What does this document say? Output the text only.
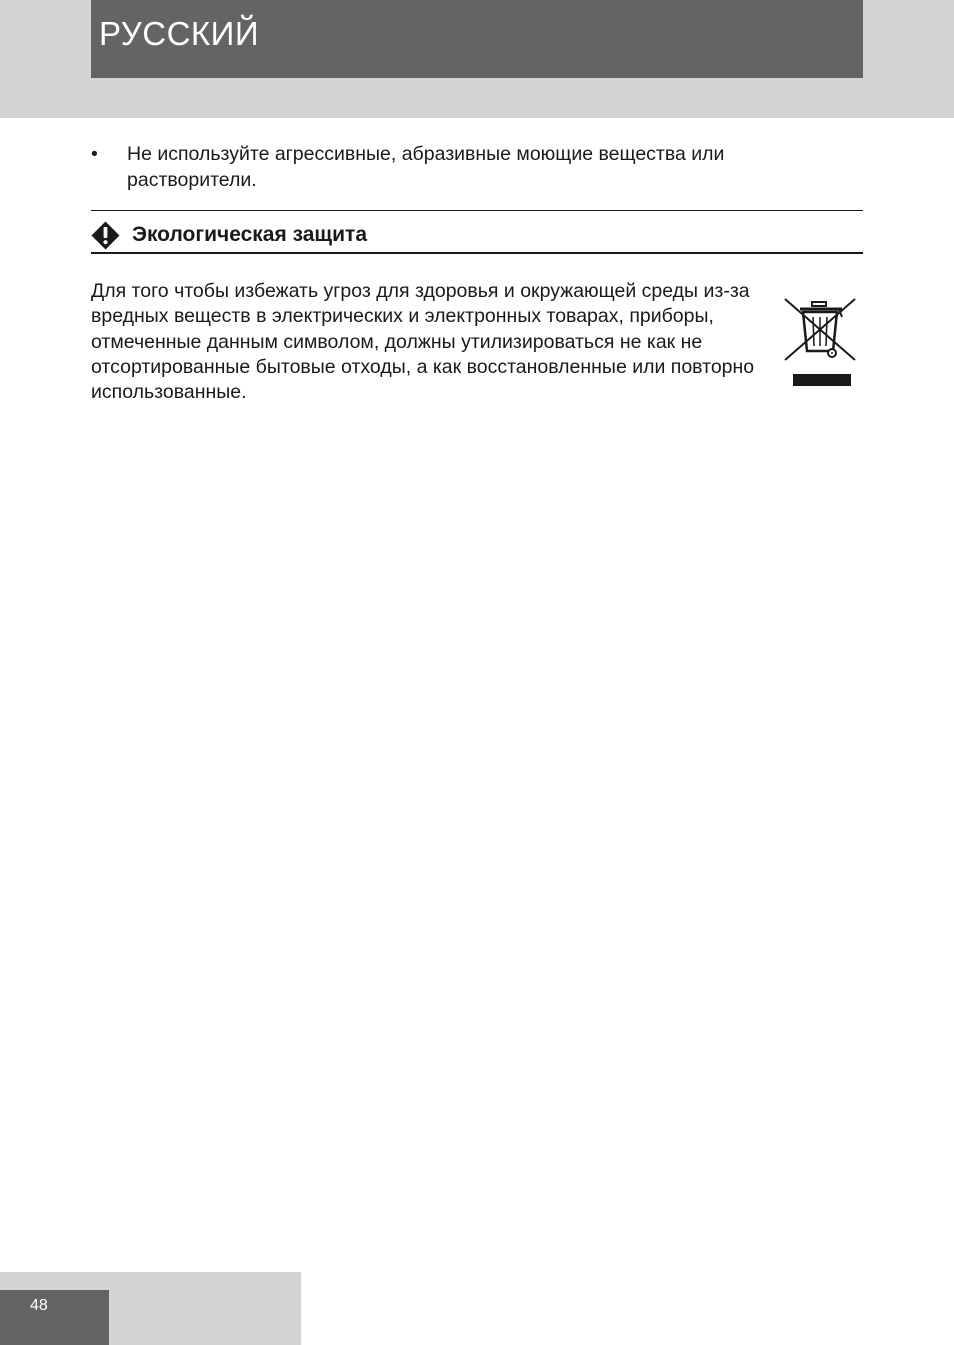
РУССКИЙ
•	Не используйте агрессивные, абразивные моющие вещества или растворители.

Экологическая защита

Для того чтобы избежать угроз для здоровья и окружающей среды из-за вредных веществ в электрических и электронных товарах, приборы, отмеченные данным символом, должны утилизироваться не как не отсортированные бытовые отходы, а как восстановленные или повторно использованные.

48
